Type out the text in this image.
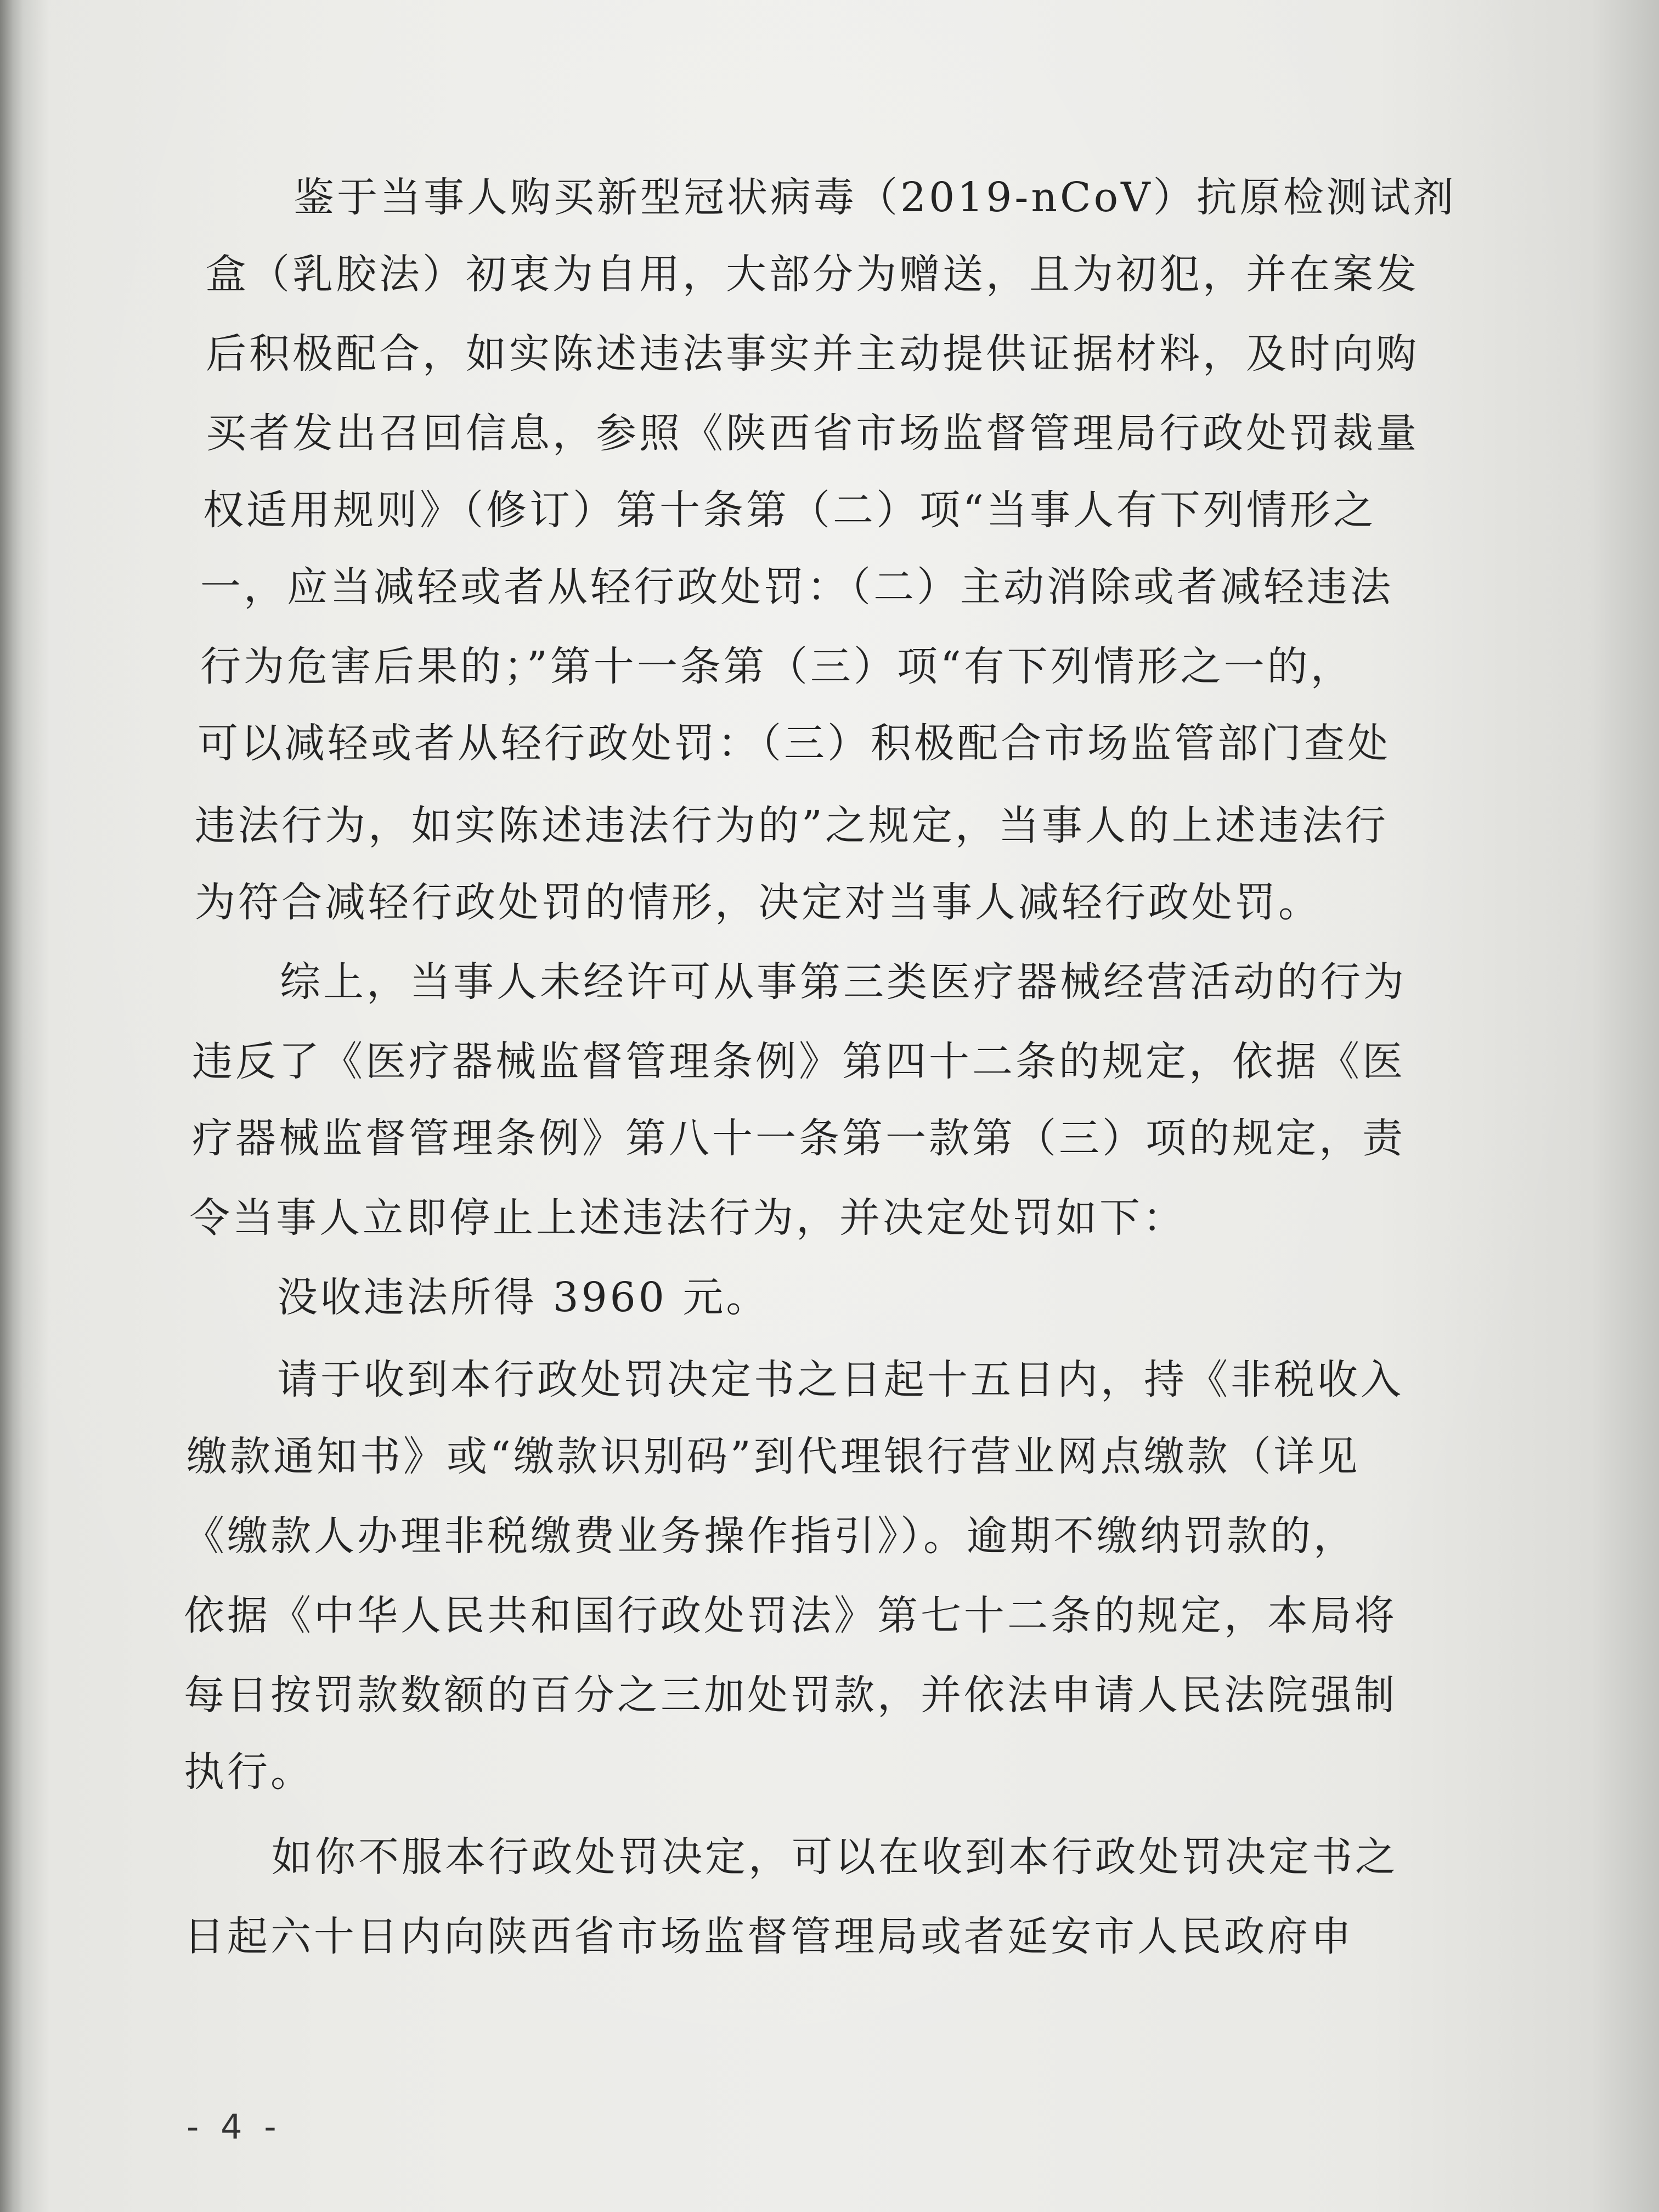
鉴于当事人购买新型冠状病毒（2019-nCoV）抗原检测试剂

盒（乳胶法）初衷为自用，大部分为赠送，且为初犯，并在案发

后积极配合，如实陈述违法事实并主动提供证据材料，及时向购

买者发出召回信息，参照《陕西省市场监督管理局行政处罚裁量

权适用规则》（修订）第十条第（二）项“当事人有下列情形之

一，应当减轻或者从轻行政处罚：（二）主动消除或者减轻违法

行为危害后果的；”第十一条第（三）项“有下列情形之一的，

可以减轻或者从轻行政处罚：（三）积极配合市场监管部门查处

违法行为，如实陈述违法行为的”之规定，当事人的上述违法行

为符合减轻行政处罚的情形，决定对当事人减轻行政处罚。

综上，当事人未经许可从事第三类医疗器械经营活动的行为

违反了《医疗器械监督管理条例》第四十二条的规定，依据《医

疗器械监督管理条例》第八十一条第一款第（三）项的规定，责

令当事人立即停止上述违法行为，并决定处罚如下：

没收违法所得 3960 元。

请于收到本行政处罚决定书之日起十五日内，持《非税收入

缴款通知书》或“缴款识别码”到代理银行营业网点缴款（详见

《缴款人办理非税缴费业务操作指引》）。逾期不缴纳罚款的，

依据《中华人民共和国行政处罚法》第七十二条的规定，本局将

每日按罚款数额的百分之三加处罚款，并依法申请人民法院强制

执行。

如你不服本行政处罚决定，可以在收到本行政处罚决定书之

日起六十日内向陕西省市场监督管理局或者延安市人民政府申

- 4 -
